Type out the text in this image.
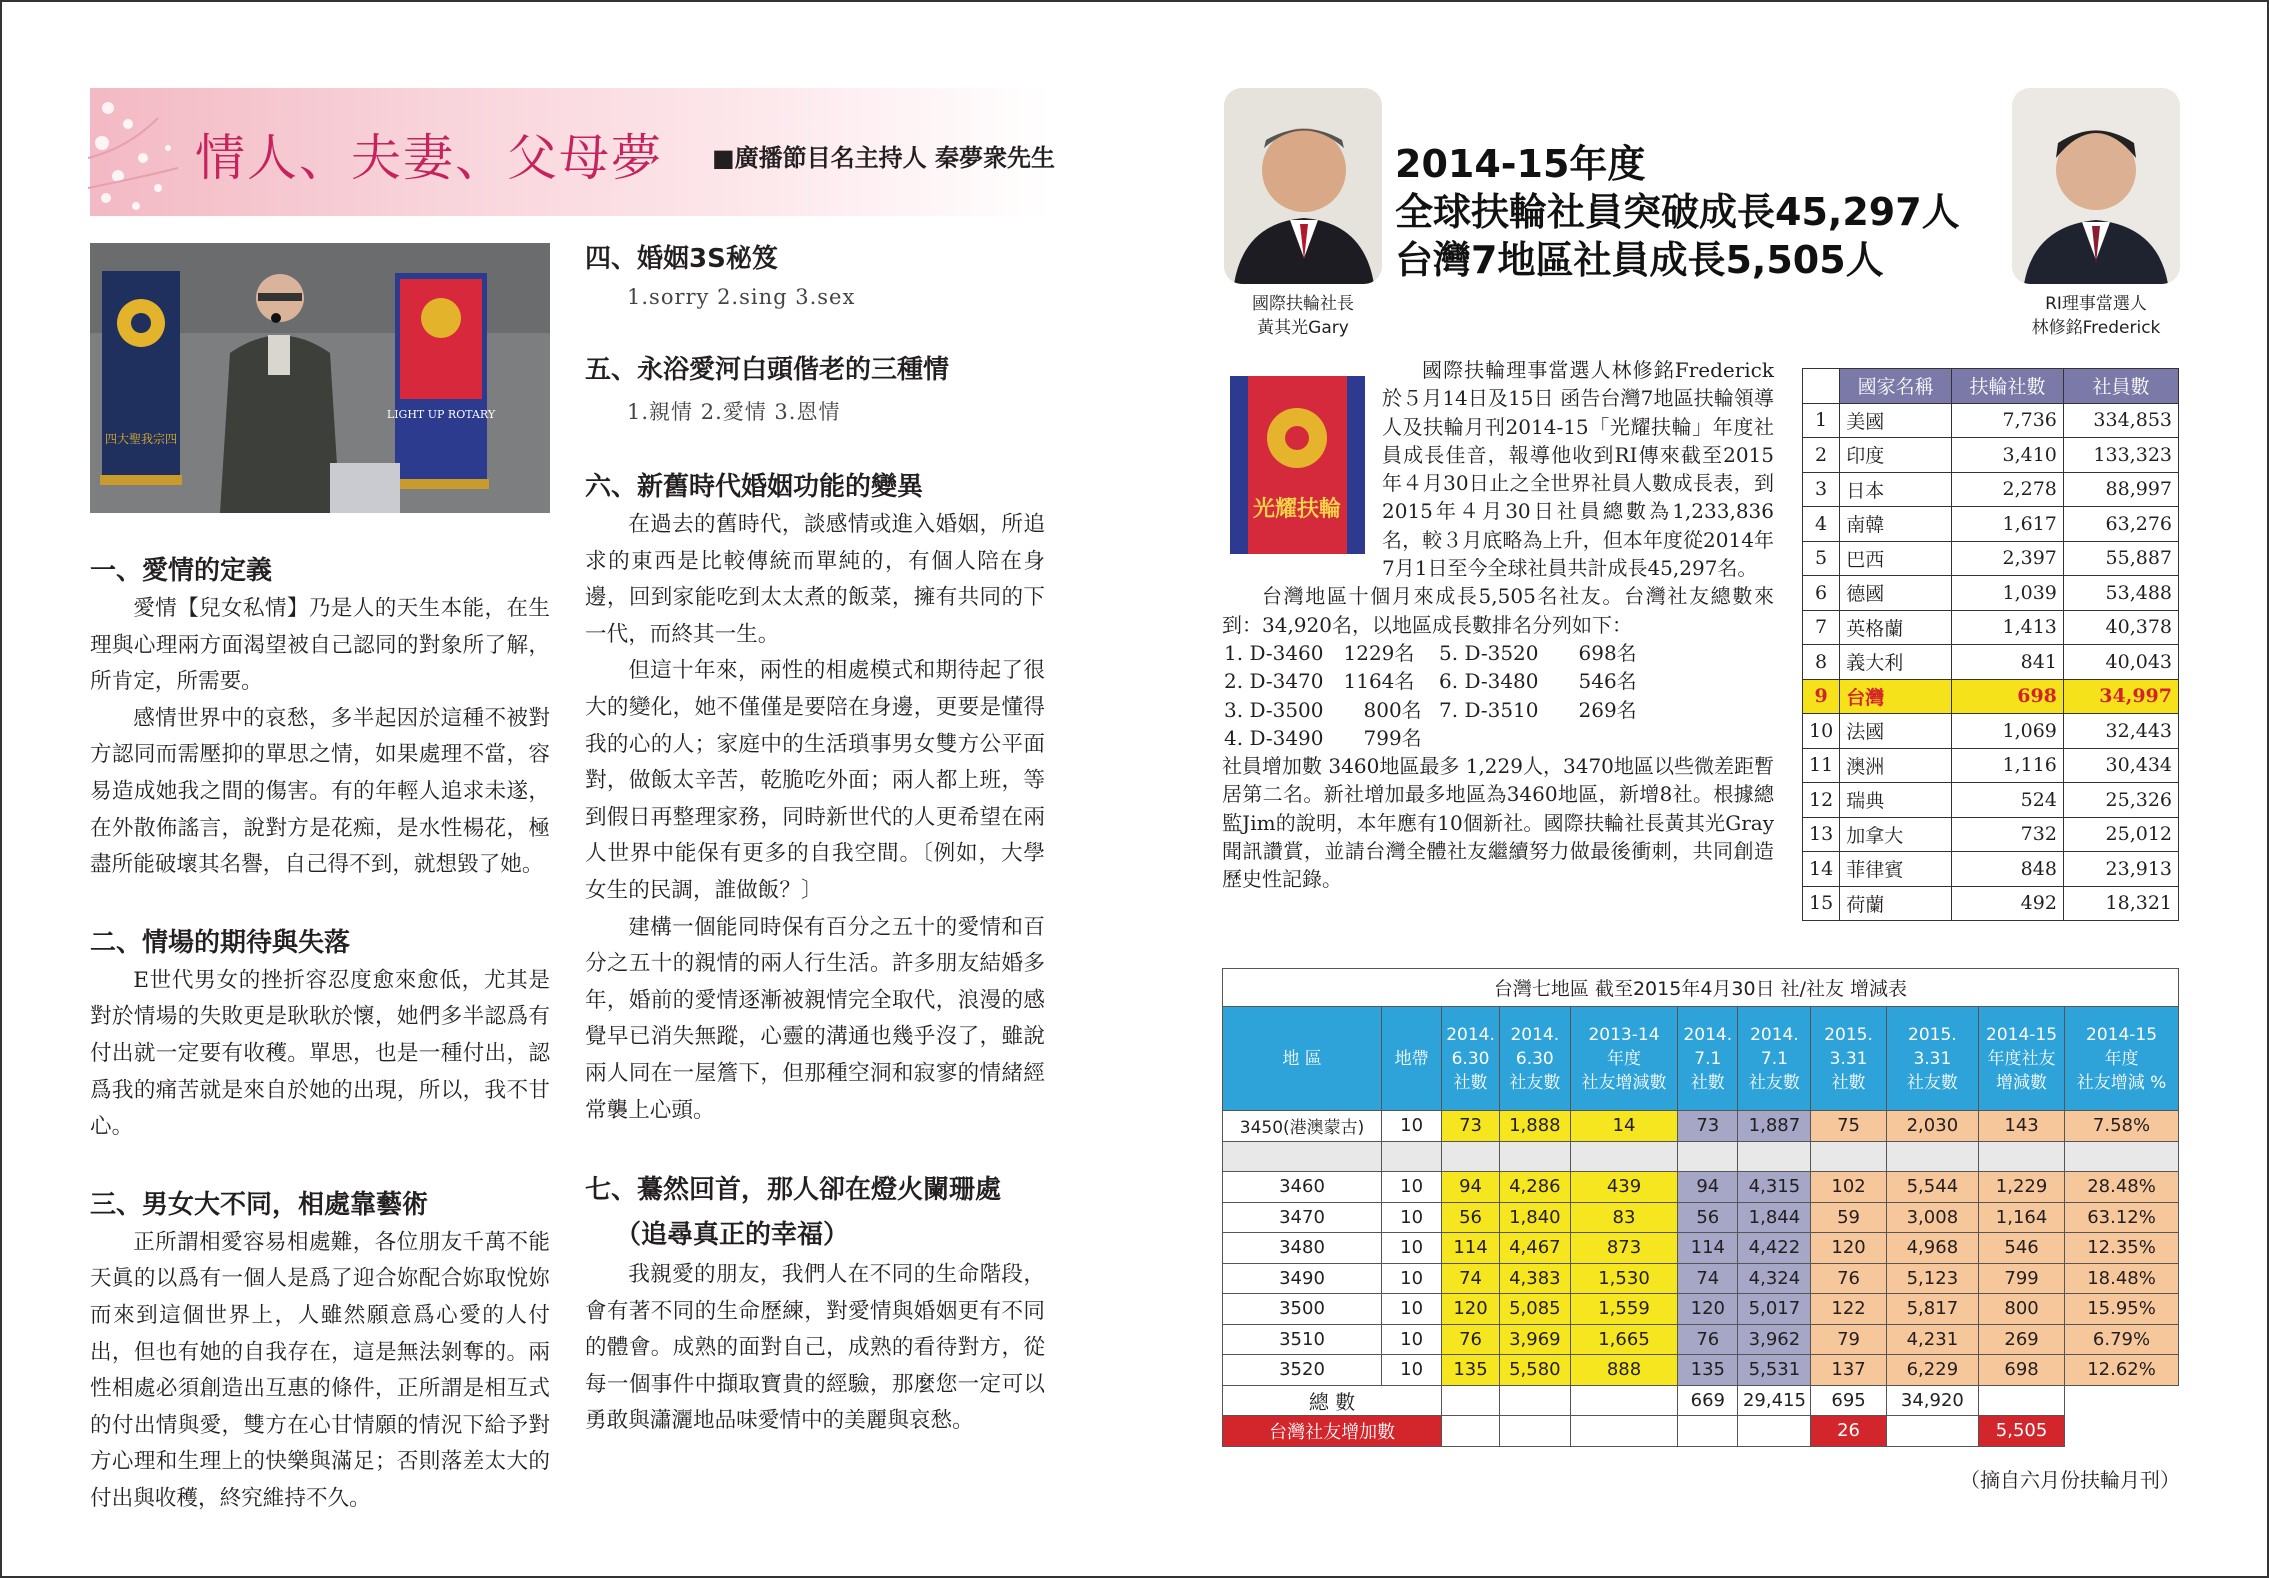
情人、夫妻、父母夢 ■廣播節目名主持人 秦夢衆先生
四大聖我宗四
LIGHT UP ROTARY
一、愛情的定義
愛情【兒女私情】乃是人的天生本能，在生理與心理兩方面渴望被自己認同的對象所了解，所肯定，所需要。
感情世界中的哀愁，多半起因於這種不被對方認同而需壓抑的單思之情，如果處理不當，容易造成她我之間的傷害。有的年輕人追求未遂，在外散佈謠言，說對方是花痴，是水性楊花，極盡所能破壞其名譽，自己得不到，就想毀了她。
二、情場的期待與失落
E世代男女的挫折容忍度愈來愈低，尤其是對於情場的失敗更是耿耿於懷，她們多半認爲有付出就一定要有收穫。單思，也是一種付出，認爲我的痛苦就是來自於她的出現，所以，我不甘心。
三、男女大不同，相處靠藝術
正所謂相愛容易相處難，各位朋友千萬不能天眞的以爲有一個人是爲了迎合妳配合妳取悅妳而來到這個世界上，人雖然願意爲心愛的人付出，但也有她的自我存在，這是無法剝奪的。兩性相處必須創造出互惠的條件，正所謂是相互式的付出情與愛，雙方在心甘情願的情況下給予對方心理和生理上的快樂與滿足；否則落差太大的付出與收穫，終究維持不久。
四、婚姻3S秘笈
1.sorry 2.sing 3.sex
五、永浴愛河白頭偕老的三種情
1.親情 2.愛情 3.恩情
六、新舊時代婚姻功能的變異
在過去的舊時代，談感情或進入婚姻，所追求的東西是比較傳統而單純的，有個人陪在身邊，回到家能吃到太太煮的飯菜，擁有共同的下一代，而終其一生。
但這十年來，兩性的相處模式和期待起了很大的變化，她不僅僅是要陪在身邊，更要是懂得我的心的人；家庭中的生活瑣事男女雙方公平面對，做飯太辛苦，乾脆吃外面；兩人都上班，等到假日再整理家務，同時新世代的人更希望在兩人世界中能保有更多的自我空間。〔例如，大學女生的民調，誰做飯？〕
建構一個能同時保有百分之五十的愛情和百分之五十的親情的兩人行生活。許多朋友結婚多年，婚前的愛情逐漸被親情完全取代，浪漫的感覺早已消失無蹤，心靈的溝通也幾乎沒了，雖說兩人同在一屋簷下，但那種空洞和寂寥的情緒經常襲上心頭。
七、驀然回首，那人卻在燈火闌珊處
（追尋真正的幸福）
我親愛的朋友，我們人在不同的生命階段，會有著不同的生命歷練，對愛情與婚姻更有不同的體會。成熟的面對自己，成熟的看待對方，從每一個事件中擷取寶貴的經驗，那麼您一定可以勇敢與瀟灑地品味愛情中的美麗與哀愁。
國際扶輪社長
黃其光Gary
2014-15年度
全球扶輪社員突破成長45,297人
台灣7地區社員成長5,505人
RI理事當選人
林修銘Frederick
光耀扶輪
國際扶輪理事當選人林修銘Frederick於５月14日及15日 函告台灣7地區扶輪領導人及扶輪月刊2014-15「光耀扶輪」年度社員成長佳音，報導他收到RI傳來截至2015年４月30日止之全世界社員人數成長表，到2015年４月30日社員總數為1,233,836名，較３月底略為上升，但本年度從2014年7月1日至今全球社員共計成長45,297名。
台灣地區十個月來成長5,505名社友。台灣社友總數來到：34,920名，以地區成長數排名分列如下：
1. D-3460　1229名	5. D-3520　　698名
2. D-3470　1164名	6. D-3480　　546名
3. D-3500　　800名	7. D-3510　　269名
4. D-3490　　799名	
社員增加數 3460地區最多 1,229人，3470地區以些微差距暫居第二名。新社增加最多地區為3460地區，新增8社。根據總監Jim的說明，本年應有10個新社。國際扶輪社長黃其光Gray聞訊讚賞，並請台灣全體社友繼續努力做最後衝刺，共同創造歷史性記錄。
	國家名稱	扶輪社數	社員數
1	美國	7,736	334,853
2	印度	3,410	133,323
3	日本	2,278	88,997
4	南韓	1,617	63,276
5	巴西	2,397	55,887
6	德國	1,039	53,488
7	英格蘭	1,413	40,378
8	義大利	841	40,043
9	台灣	698	34,997
10	法國	1,069	32,443
11	澳洲	1,116	30,434
12	瑞典	524	25,326
13	加拿大	732	25,012
14	菲律賓	848	23,913
15	荷蘭	492	18,321
台灣七地區 截至2015年4月30日 社/社友 增減表										
地 區	地帶	2014.
6.30
社數	2014.
6.30
社友數	2013-14
年度
社友增減數	2014.
7.1
社數	2014.
7.1
社友數	2015.
3.31
社數	2015.
3.31
社友數	2014-15
年度社友
增減數	2014-15
年度
社友增減 %
3450(港澳蒙古)	10	73	1,888	14	73	1,887	75	2,030	143	7.58%

3460	10	94	4,286	439	94	4,315	102	5,544	1,229	28.48%
3470	10	56	1,840	83	56	1,844	59	3,008	1,164	63.12%
3480	10	114	4,467	873	114	4,422	120	4,968	546	12.35%
3490	10	74	4,383	1,530	74	4,324	76	5,123	799	18.48%
3500	10	120	5,085	1,559	120	5,017	122	5,817	800	15.95%
3510	10	76	3,969	1,665	76	3,962	79	4,231	269	6.79%
3520	10	135	5,580	888	135	5,531	137	6,229	698	12.62%
總 數					669	29,415	695	34,920		
台灣社友增加數							26		5,505	
（摘自六月份扶輪月刊）
